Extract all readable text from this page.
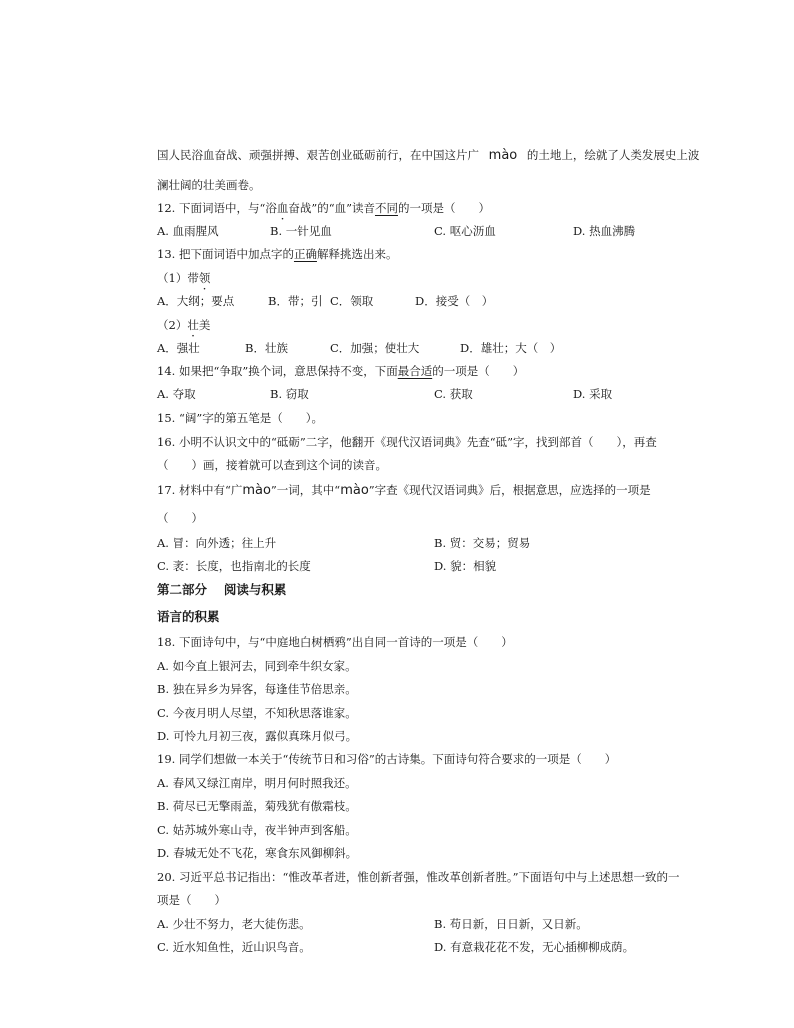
国人民浴血奋战、顽强拼搏、艰苦创业砥砺前行，在中国这片广 mào 的土地上，绘就了人类发展史上波
澜壮阔的壮美画卷。
12. 下面词语中，与“浴血奋战”的“血”读音不同的一项是（　　）
A. 血雨腥风	B. 一针见血	C. 呕心沥血	D. 热血沸腾
13. 把下面词语中加点字的正确解释挑选出来。
（1）带领
A．大纲；要点	B．带；引 C．领取	D．接受（　）
（2）壮美
A．强壮	B．壮族	C．加强；使壮大	D．雄壮；大（　）
14. 如果把“争取”换个词，意思保持不变，下面最合适的一项是（　　）
A. 夺取	B. 窃取	C. 获取	D. 采取
15. “阔”字的第五笔是（　　）。
16. 小明不认识文中的“砥砺”二字，他翻开《现代汉语词典》先查“砥”字，找到部首（　　），再查
（　　）画，接着就可以查到这个词的读音。
17. 材料中有“广mào”一词，其中“mào”字查《现代汉语词典》后，根据意思，应选择的一项是
（　　）
A. 冒：向外透；往上升	B. 贸：交易；贸易
C. 袤：长度，也指南北的长度	D. 貌：相貌
第二部分　 阅读与积累
语言的积累
18. 下面诗句中，与“中庭地白树栖鸦”出自同一首诗的一项是（　　）
A. 如今直上银河去，同到牵牛织女家。
B. 独在异乡为异客，每逢佳节倍思亲。
C. 今夜月明人尽望，不知秋思落谁家。
D. 可怜九月初三夜，露似真珠月似弓。
19. 同学们想做一本关于“传统节日和习俗”的古诗集。下面诗句符合要求的一项是（　　）
A. 春风又绿江南岸，明月何时照我还。
B. 荷尽已无擎雨盖，菊残犹有傲霜枝。
C. 姑苏城外寒山寺，夜半钟声到客船。
D. 春城无处不飞花，寒食东风御柳斜。
20. 习近平总书记指出：“惟改革者进，惟创新者强，惟改革创新者胜。”下面语句中与上述思想一致的一
项是（　　）
A. 少壮不努力，老大徒伤悲。	B. 苟日新，日日新，又日新。
C. 近水知鱼性，近山识鸟音。	D. 有意栽花花不发，无心插柳柳成荫。
